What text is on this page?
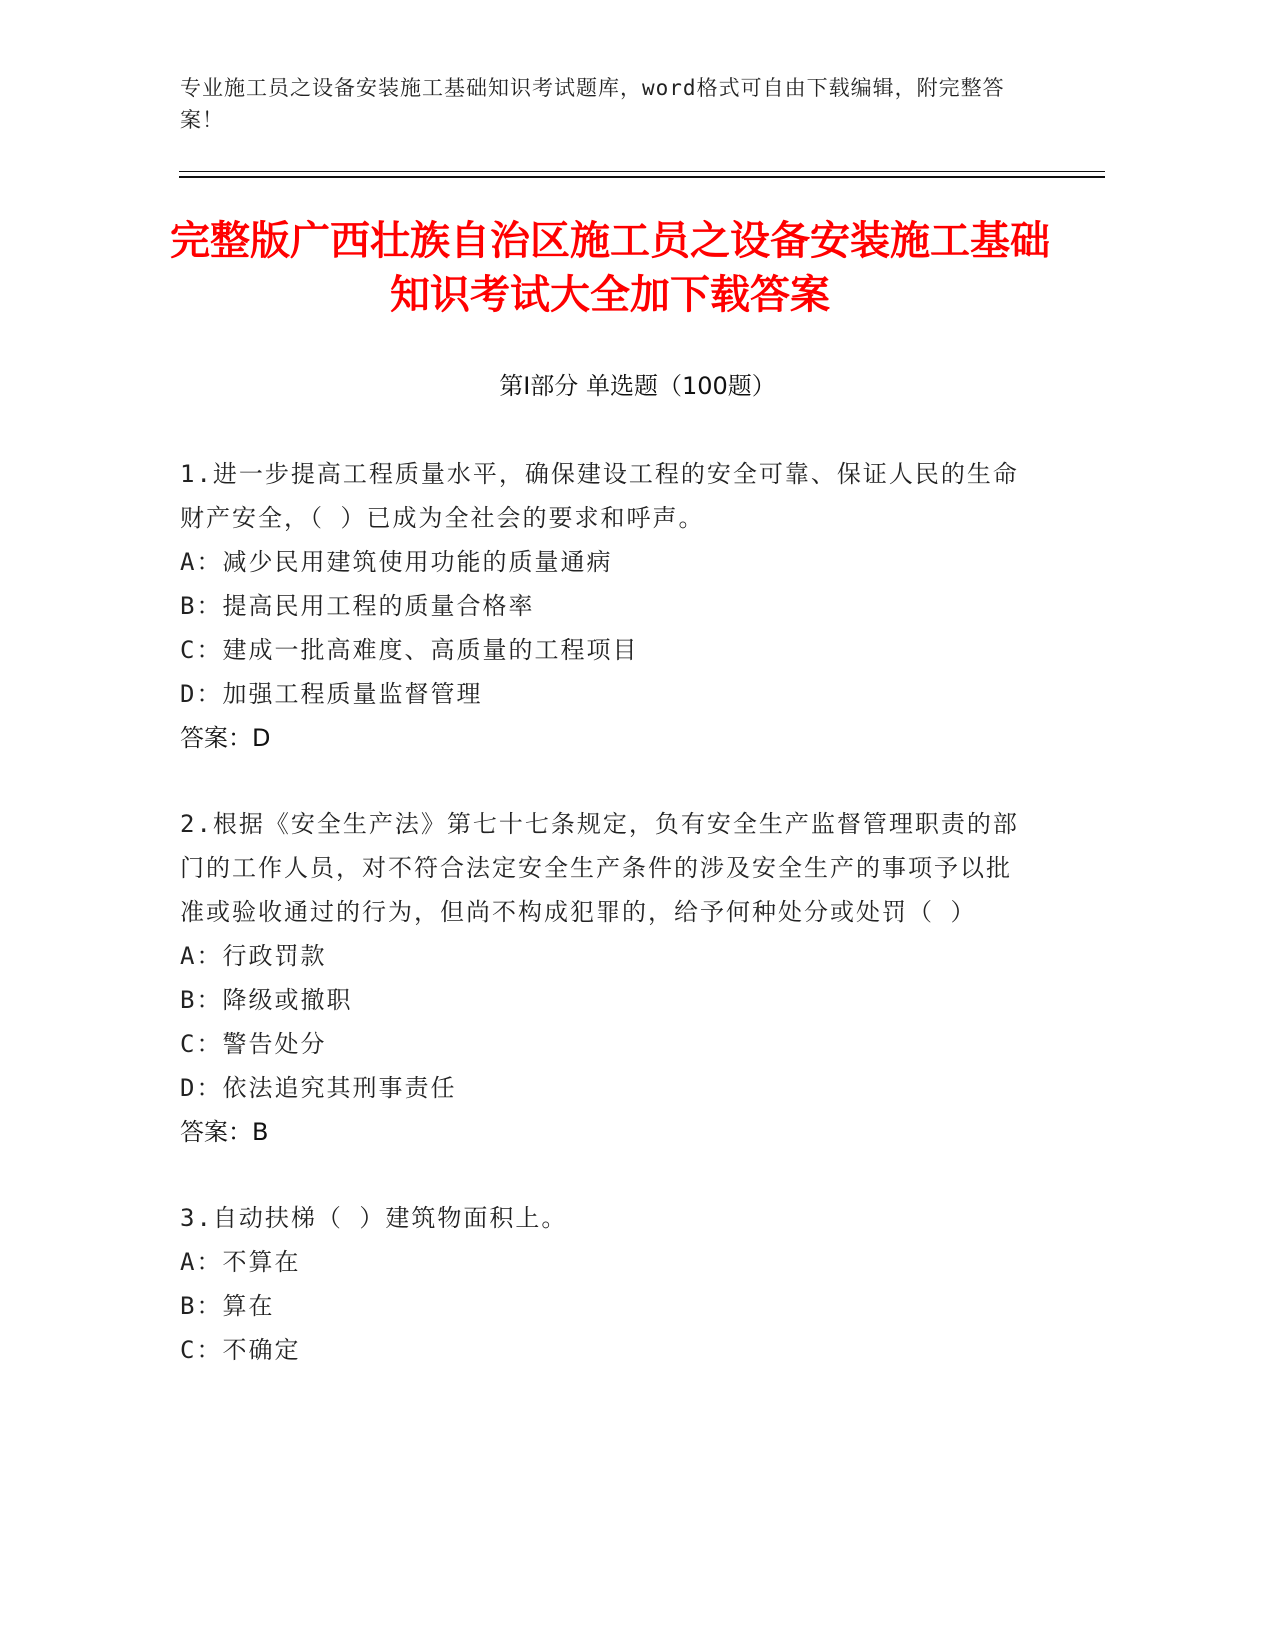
专业施工员之设备安装施工基础知识考试题库，word格式可自由下载编辑，附完整答案！
完整版广西壮族自治区施工员之设备安装施工基础知识考试大全加下载答案
第Ⅰ部分 单选题（100题）

1.进一步提高工程质量水平，确保建设工程的安全可靠、保证人民的生命财产安全，（ ）已成为全社会的要求和呼声。

A：减少民用建筑使用功能的质量通病

B：提高民用工程的质量合格率

C：建成一批高难度、高质量的工程项目

D：加强工程质量监督管理

答案：D

2.根据《安全生产法》第七十七条规定，负有安全生产监督管理职责的部门的工作人员，对不符合法定安全生产条件的涉及安全生产的事项予以批准或验收通过的行为，但尚不构成犯罪的，给予何种处分或处罚（ ）

A：行政罚款

B：降级或撤职

C：警告处分

D：依法追究其刑事责任

答案：B

3.自动扶梯（ ）建筑物面积上。

A：不算在

B：算在

C：不确定
